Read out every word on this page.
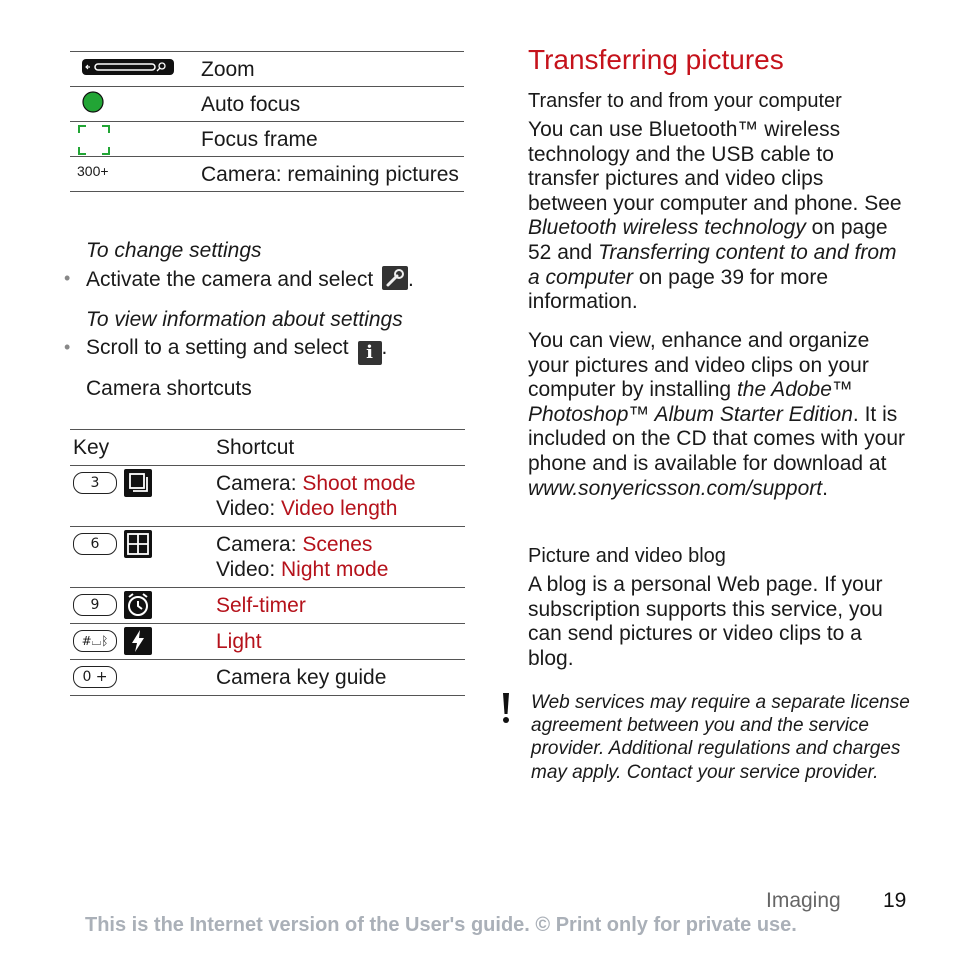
Zoom
Auto focus
Focus frame
300+	Camera: remaining pictures
To change settings
• Activate the camera and select .
To view information about settings
• Scroll to a setting and select i .
Camera shortcuts
Key	Shortcut
3	Camera: Shoot mode
Video: Video length
6	Camera: Scenes
Video: Night mode
9	Self-timer
#⌴ᛒ	Light
0 +	Camera key guide
Transferring pictures
Transfer to and from your computer
You can use Bluetooth™ wireless technology and the USB cable to transfer pictures and video clips between your computer and phone. See Bluetooth wireless technology on page 52 and Transferring content to and from a computer on page 39 for more information.
You can view, enhance and organize your pictures and video clips on your computer by installing the Adobe™ Photoshop™ Album Starter Edition. It is included on the CD that comes with your phone and is available for download at www.sonyericsson.com/support.
Picture and video blog
A blog is a personal Web page. If your subscription supports this service, you can send pictures or video clips to a blog.
Web services may require a separate license agreement between you and the service provider. Additional regulations and charges may apply. Contact your service provider.
Imaging 19
This is the Internet version of the User's guide. © Print only for private use.
